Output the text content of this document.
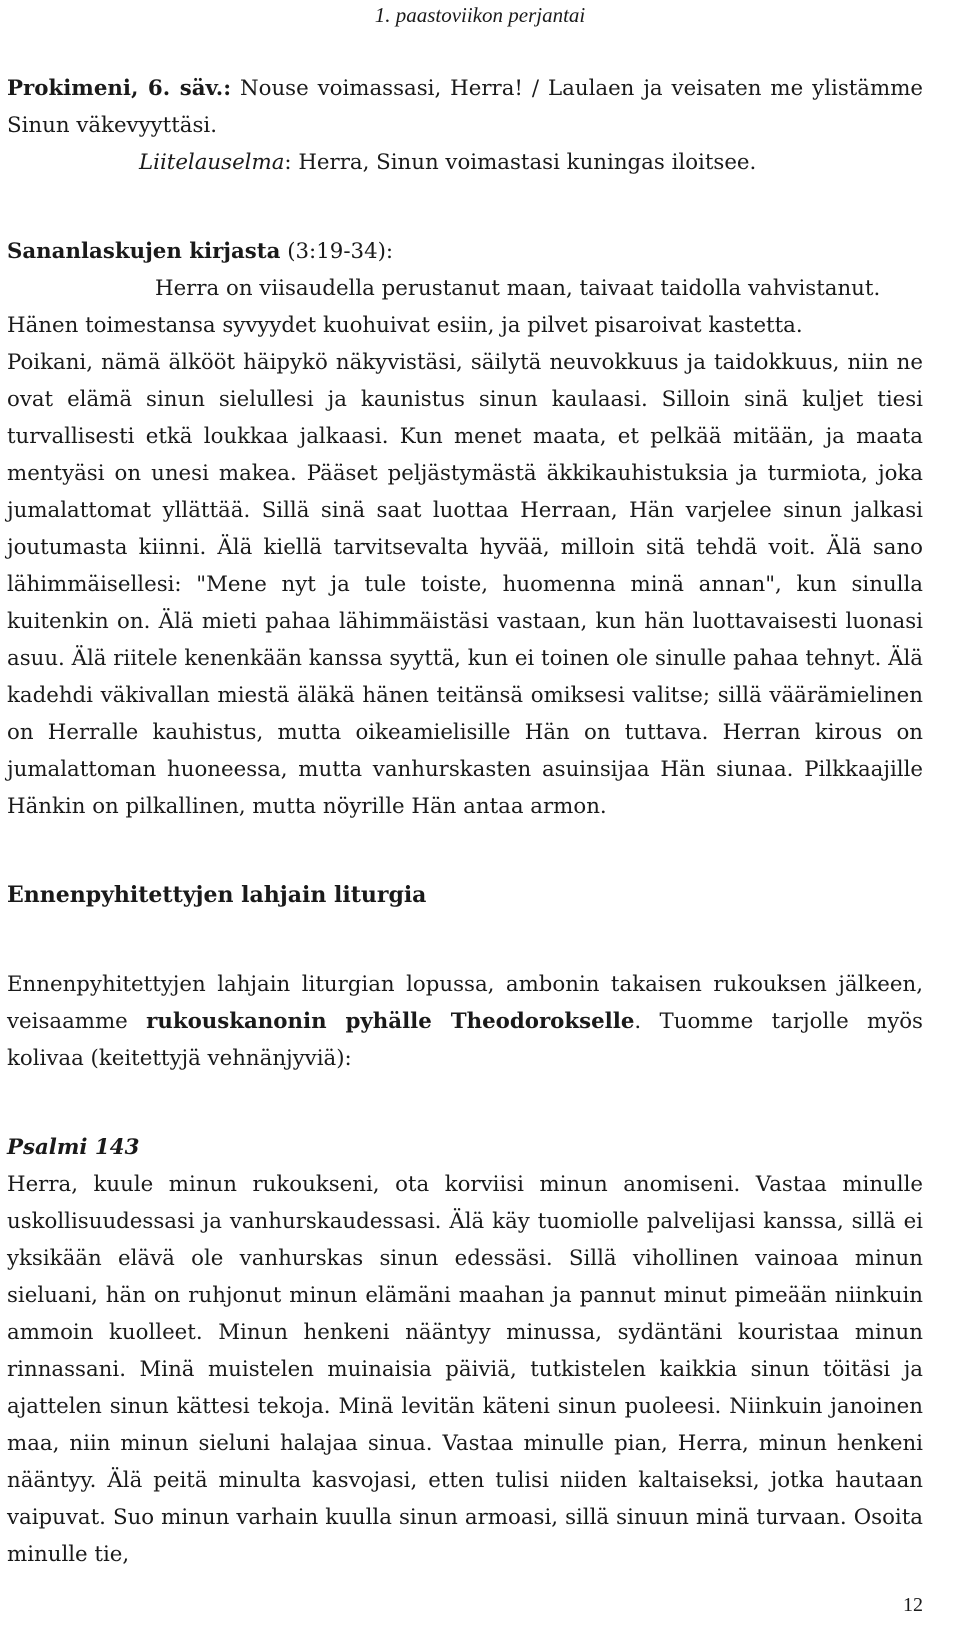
1. paastoviikon perjantai

Prokimeni, 6. säv.: Nouse voimassasi, Herra! / Laulaen ja veisaten me ylistämme Sinun väkevyyttäsi.

Liitelauselma: Herra, Sinun voimastasi kuningas iloitsee.

Sananlaskujen kirjasta (3:19-34):

Herra on viisaudella perustanut maan, taivaat taidolla vahvistanut.

Hänen toimestansa syvyydet kuohuivat esiin, ja pilvet pisaroivat kastetta.

Poikani, nämä älkööt häipykö näkyvistäsi, säilytä neuvokkuus ja taidokkuus, niin ne ovat elämä sinun sielullesi ja kaunistus sinun kaulaasi. Silloin sinä kuljet tiesi turvallisesti etkä loukkaa jalkaasi. Kun menet maata, et pelkää mitään, ja maata mentyäsi on unesi makea. Pääset peljästymästä äkkikauhistuksia ja turmiota, joka jumalattomat yllättää. Sillä sinä saat luottaa Herraan, Hän varjelee sinun jalkasi joutumasta kiinni. Älä kiellä tarvitsevalta hyvää, milloin sitä tehdä voit. Älä sano lähimmäisellesi: "Mene nyt ja tule toiste, huomenna minä annan", kun sinulla kuitenkin on. Älä mieti pahaa lähimmäistäsi vastaan, kun hän luottavaisesti luonasi asuu. Älä riitele kenenkään kanssa syyttä, kun ei toinen ole sinulle pahaa tehnyt. Älä kadehdi väkivallan miestä äläkä hänen teitänsä omiksesi valitse; sillä väärämielinen on Herralle kauhistus, mutta oikeamielisille Hän on tuttava. Herran kirous on jumalattoman huoneessa, mutta vanhurskasten asuinsijaa Hän siunaa. Pilkkaajille Hänkin on pilkallinen, mutta nöyrille Hän antaa armon.

Ennenpyhitettyjen lahjain liturgia

Ennenpyhitettyjen lahjain liturgian lopussa, ambonin takaisen rukouksen jälkeen, veisaamme rukouskanonin pyhälle Theodorokselle. Tuomme tarjolle myös kolivaa (keitettyjä vehnänjyviä):

Psalmi 143

Herra, kuule minun rukoukseni, ota korviisi minun anomiseni. Vastaa minulle uskollisuudessasi ja vanhurskaudessasi. Älä käy tuomiolle palvelijasi kanssa, sillä ei yksikään elävä ole vanhurskas sinun edessäsi. Sillä vihollinen vainoaa minun sieluani, hän on ruhjonut minun elämäni maahan ja pannut minut pimeään niinkuin ammoin kuolleet. Minun henkeni nääntyy minussa, sydäntäni kouristaa minun rinnassani. Minä muistelen muinaisia päiviä, tutkistelen kaikkia sinun töitäsi ja ajattelen sinun kättesi tekoja. Minä levitän käteni sinun puoleesi. Niinkuin janoinen maa, niin minun sieluni halajaa sinua. Vastaa minulle pian, Herra, minun henkeni nääntyy. Älä peitä minulta kasvojasi, etten tulisi niiden kaltaiseksi, jotka hautaan vaipuvat. Suo minun varhain kuulla sinun armoasi, sillä sinuun minä turvaan. Osoita minulle tie,

12
